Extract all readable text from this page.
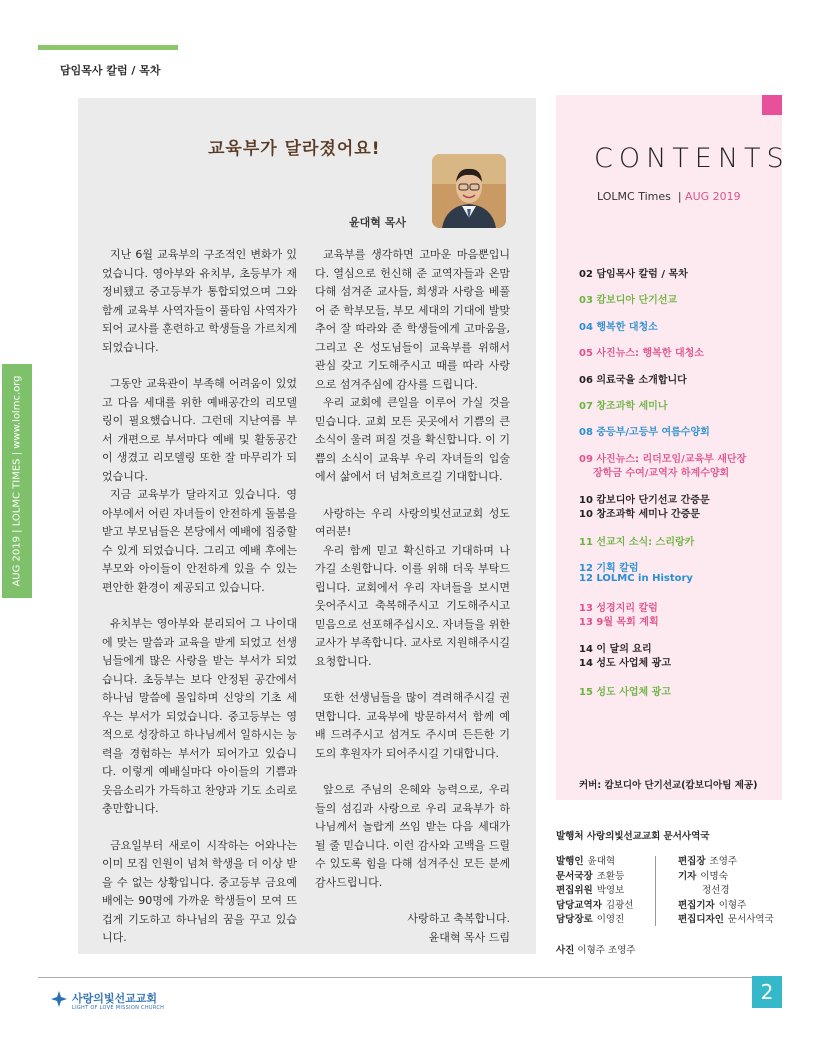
담임목사 칼럼 / 목차
AUG 2019 | LOLMC TIMES | www.lolmc.org
교육부가 달라졌어요!
윤대혁 목사

지난 6월 교육부의 구조적인 변화가 있었습니다. 영아부와 유치부, 초등부가 재정비됐고 중고등부가 통합되었으며 그와 함께 교육부 사역자들이 풀타임 사역자가 되어 교사를 훈련하고 학생들을 가르치게 되었습니다.

그동안 교육관이 부족해 어려움이 있었고 다음 세대를 위한 예배공간의 리모델링이 필요했습니다. 그런데 지난여름 부서 개편으로 부서마다 예배 및 활동공간이 생겼고 리모델링 또한 잘 마무리가 되었습니다.

지금 교육부가 달라지고 있습니다. 영아부에서 어린 자녀들이 안전하게 돌봄을 받고 부모님들은 본당에서 예배에 집중할 수 있게 되었습니다. 그리고 예배 후에는 부모와 아이들이 안전하게 있을 수 있는 편안한 환경이 제공되고 있습니다.

유치부는 영아부와 분리되어 그 나이대에 맞는 말씀과 교육을 받게 되었고 선생님들에게 많은 사랑을 받는 부서가 되었습니다. 초등부는 보다 안정된 공간에서 하나님 말씀에 몰입하며 신앙의 기초 세우는 부서가 되었습니다. 중고등부는 영적으로 성장하고 하나님께서 일하시는 능력을 경험하는 부서가 되어가고 있습니다. 이렇게 예배실마다 아이들의 기쁨과 웃음소리가 가득하고 찬양과 기도 소리로 충만합니다.

금요일부터 새로이 시작하는 어와나는 이미 모집 인원이 넘쳐 학생을 더 이상 받을 수 없는 상황입니다. 중고등부 금요예배에는 90명에 가까운 학생들이 모여 뜨겁게 기도하고 하나님의 꿈을 꾸고 있습니다.

교육부를 생각하면 고마운 마음뿐입니다. 열심으로 헌신해 준 교역자들과 온맘 다해 섬겨준 교사들, 희생과 사랑을 베풀어 준 학부모들, 부모 세대의 기대에 발맞추어 잘 따라와 준 학생들에게 고마움을, 그리고 온 성도님들이 교육부를 위해서 관심 갖고 기도해주시고 때를 따라 사랑으로 섬겨주심에 감사를 드립니다.

우리 교회에 큰일을 이루어 가실 것을 믿습니다. 교회 모든 곳곳에서 기쁨의 큰 소식이 울려 퍼질 것을 확신합니다. 이 기쁨의 소식이 교육부 우리 자녀들의 입술에서 삶에서 더 넘쳐흐르길 기대합니다.

사랑하는 우리 사랑의빛선교교회 성도 여러분!

우리 함께 믿고 확신하고 기대하며 나가길 소원합니다. 이를 위해 더욱 부탁드립니다. 교회에서 우리 자녀들을 보시면 웃어주시고 축복해주시고 기도해주시고 믿음으로 선포해주십시오. 자녀들을 위한 교사가 부족합니다. 교사로 지원해주시길 요청합니다.

또한 선생님들을 많이 격려해주시길 권면합니다. 교육부에 방문하셔서 함께 예배 드려주시고 섬겨도 주시며 든든한 기도의 후원자가 되어주시길 기대합니다.

앞으로 주님의 은혜와 능력으로, 우리들의 섬김과 사랑으로 우리 교육부가 하나님께서 놀랍게 쓰임 받는 다음 세대가 될 줄 믿습니다. 이런 감사와 고백을 드릴 수 있도록 힘을 다해 섬겨주신 모든 분께 감사드립니다.

사랑하고 축복합니다.
윤대혁 목사 드림
CONTENTS
LOLMC Times  | AUG 2019
02 담임목사 칼럼 / 목차
03 캄보디아 단기선교
04 행복한 대청소
05 사진뉴스: 행복한 대청소
06 의료국을 소개합니다
07 창조과학 세미나
08 중등부/고등부 여름수양회
09 사진뉴스: 리더모임/교육부 새단장
장학금 수여/교역자 하계수양회
10 캄보디아 단기선교 간증문
10 창조과학 세미나 간증문
11 선교지 소식: 스리랑카
12 기획 칼럼
12 LOLMC in History
13 성경지리 칼럼
13 9월 목회 계획
14 이 달의 요리
14 성도 사업체 광고
15 성도 사업체 광고
커버: 캄보디아 단기선교(캄보디아팀 제공)
발행처 사랑의빛선교교회 문서사역국
발행인 윤대혁
문서국장 조환등
편집위원 박영보
담당교역자 김광선
담당장로 이영진
편집장 조영주
기자 이명숙
정선경
편집기자 이형주
편집디자인 문서사역국
사진 이형주 조영주
사랑의빛선교교회
LIGHT OF LOVE MISSION CHURCH
2
